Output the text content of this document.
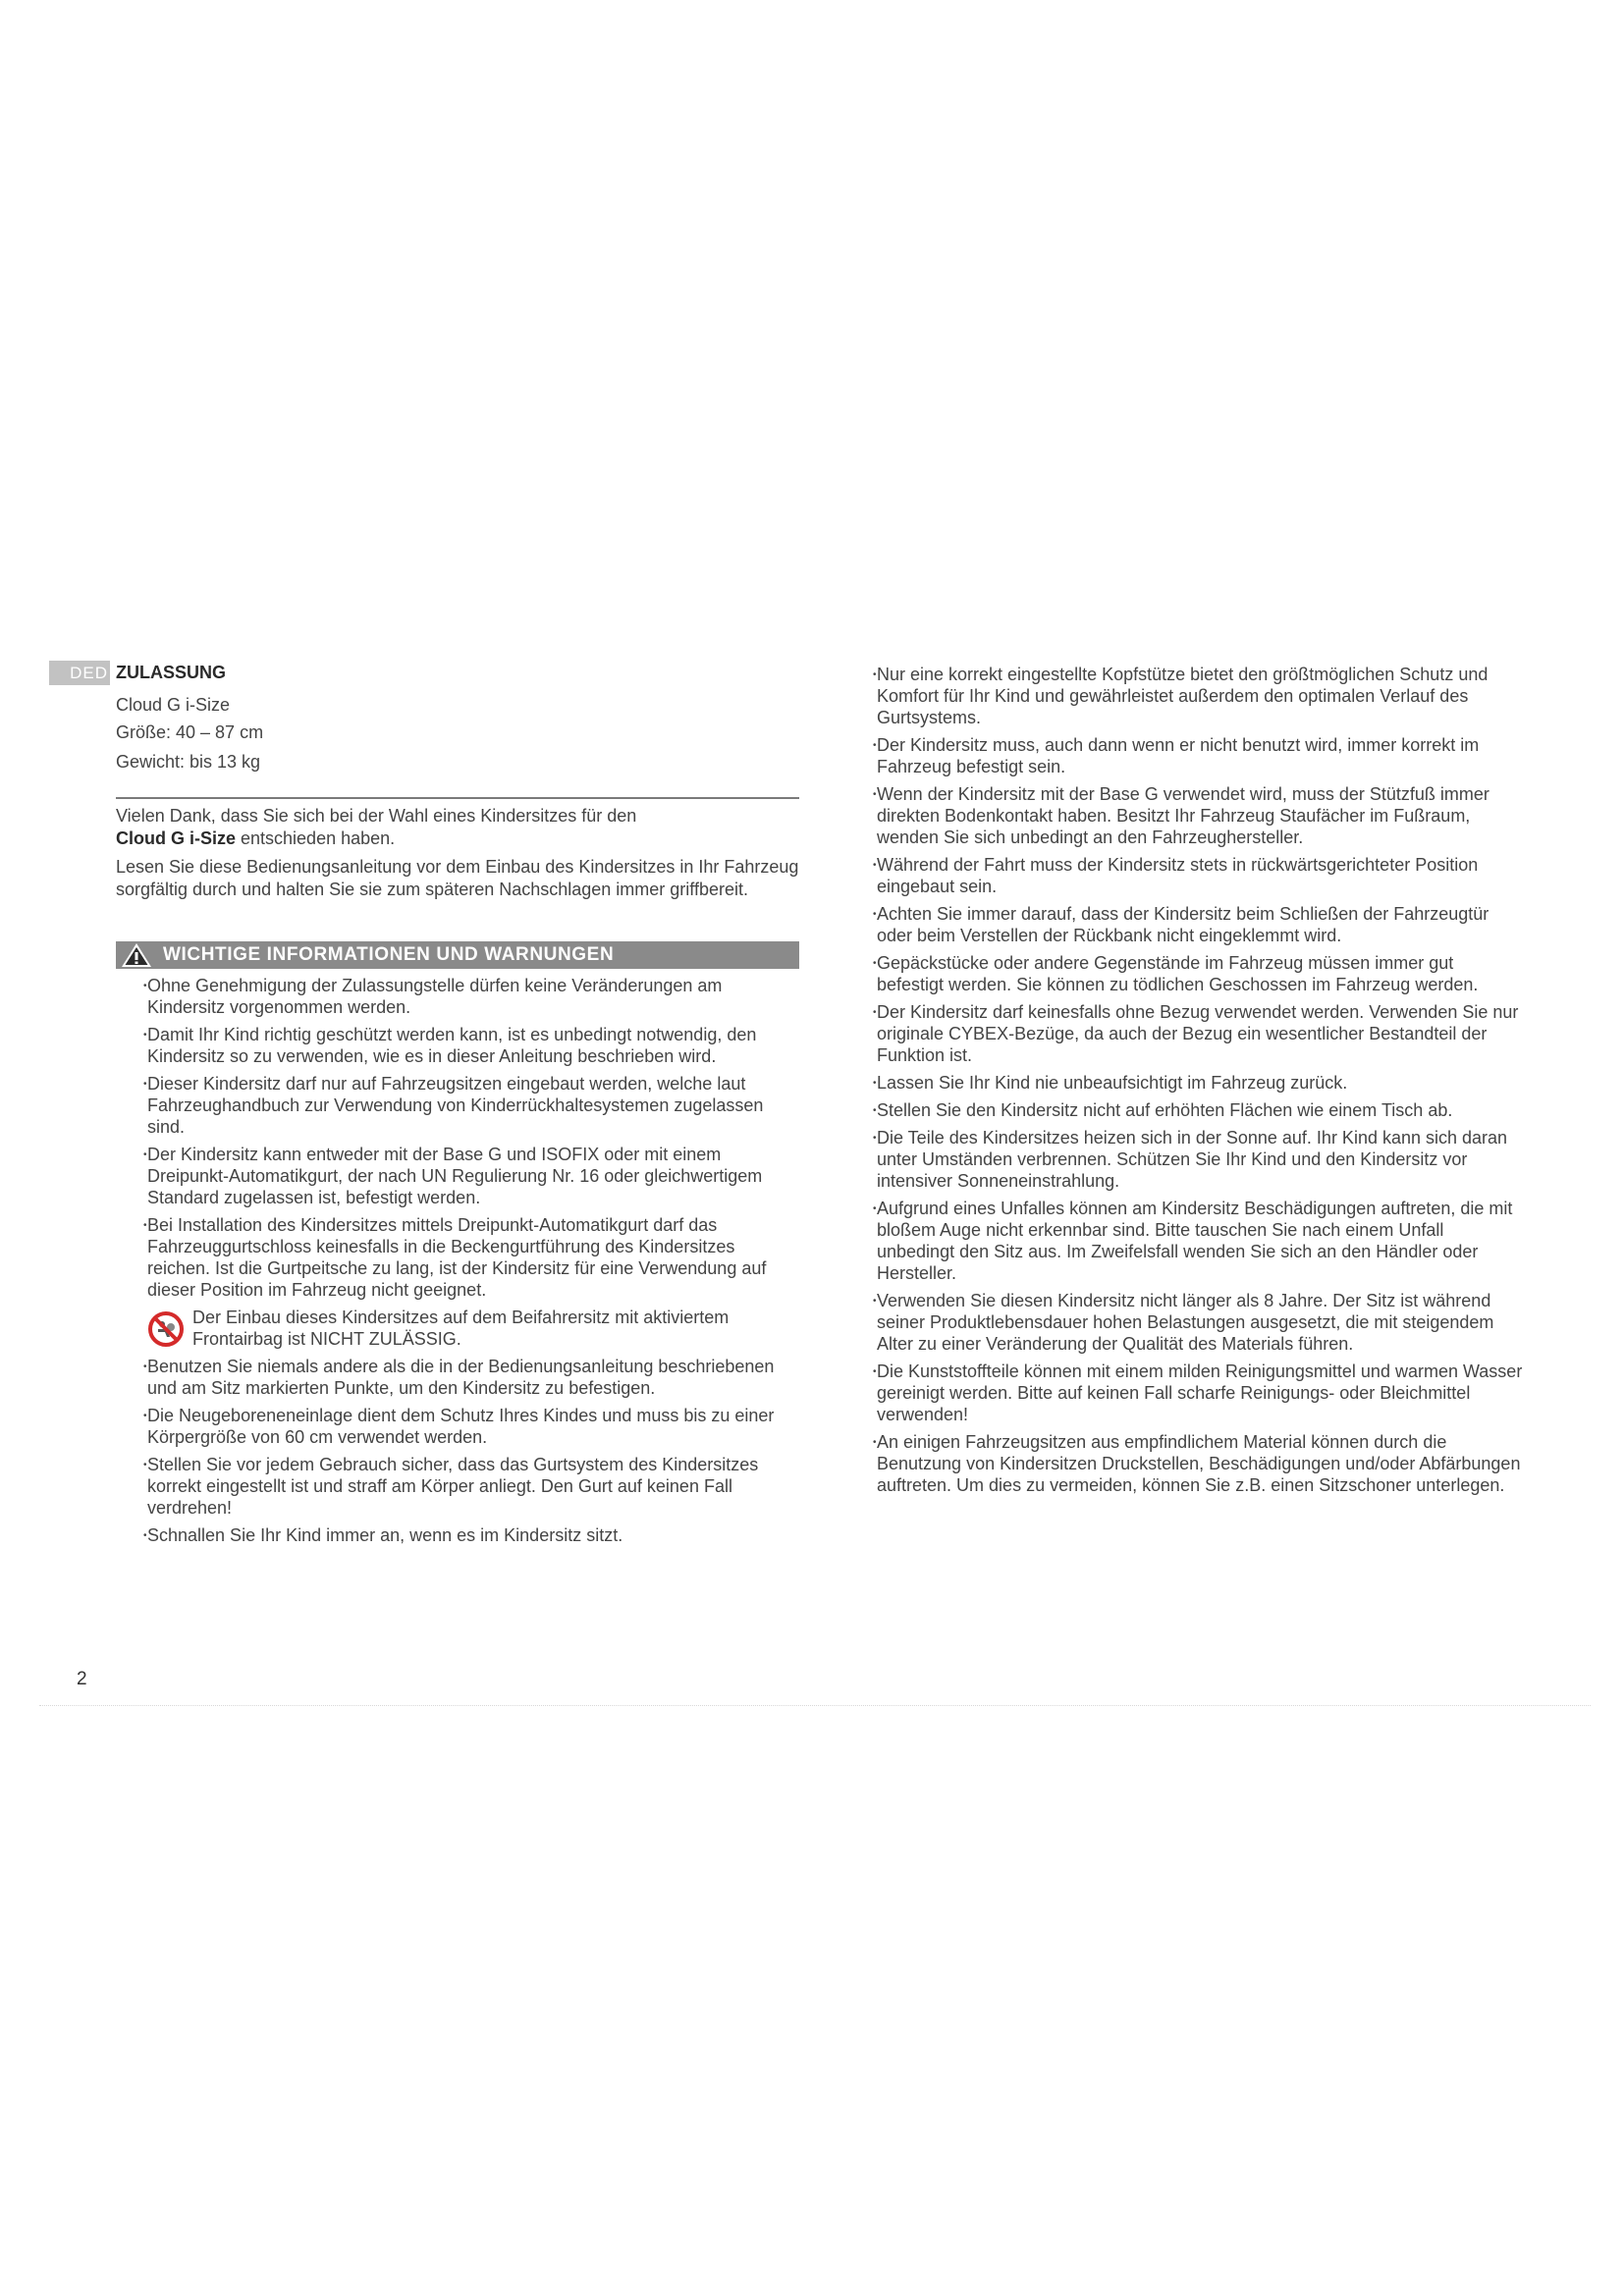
DED ZULASSUNG
Cloud G i-Size
Größe: 40 – 87 cm
Gewicht: bis 13 kg

Vielen Dank, dass Sie sich bei der Wahl eines Kindersitzes für den
Cloud G i-Size entschieden haben.

Lesen Sie diese Bedienungsanleitung vor dem Einbau des Kindersitzes in Ihr Fahrzeug sorgfältig durch und halten Sie sie zum späteren Nachschlagen immer griffbereit.

WICHTIGE INFORMATIONEN UND WARNUNGEN
• Ohne Genehmigung der Zulassungstelle dürfen keine Veränderungen am Kindersitz vorgenommen werden.
• Damit Ihr Kind richtig geschützt werden kann, ist es unbedingt notwendig, den Kindersitz so zu verwenden, wie es in dieser Anleitung beschrieben wird.
• Dieser Kindersitz darf nur auf Fahrzeugsitzen eingebaut werden, welche laut Fahrzeughandbuch zur Verwendung von Kinderrückhaltesystemen zugelassen sind.
• Der Kindersitz kann entweder mit der Base G und ISOFIX oder mit einem Dreipunkt-Automatikgurt, der nach UN Regulierung Nr. 16 oder gleichwertigem Standard zugelassen ist, befestigt werden.
• Bei Installation des Kindersitzes mittels Dreipunkt-Automatikgurt darf das Fahrzeuggurtschloss keinesfalls in die Beckengurtführung des Kindersitzes reichen. Ist die Gurtpeitsche zu lang, ist der Kindersitz für eine Verwendung auf dieser Position im Fahrzeug nicht geeignet.
Der Einbau dieses Kindersitzes auf dem Beifahrersitz mit aktiviertem Frontairbag ist NICHT ZULÄSSIG.
• Benutzen Sie niemals andere als die in der Bedienungsanleitung beschriebenen und am Sitz markierten Punkte, um den Kindersitz zu befestigen.
• Die Neugeboreneneinlage dient dem Schutz Ihres Kindes und muss bis zu einer Körpergröße von 60 cm verwendet werden.
• Stellen Sie vor jedem Gebrauch sicher, dass das Gurtsystem des Kindersitzes korrekt eingestellt ist und straff am Körper anliegt. Den Gurt auf keinen Fall verdrehen!
• Schnallen Sie Ihr Kind immer an, wenn es im Kindersitz sitzt.
• Nur eine korrekt eingestellte Kopfstütze bietet den größtmöglichen Schutz und Komfort für Ihr Kind und gewährleistet außerdem den optimalen Verlauf des Gurtsystems.
• Der Kindersitz muss, auch dann wenn er nicht benutzt wird, immer korrekt im Fahrzeug befestigt sein.
• Wenn der Kindersitz mit der Base G verwendet wird, muss der Stützfuß immer direkten Bodenkontakt haben. Besitzt Ihr Fahrzeug Staufächer im Fußraum, wenden Sie sich unbedingt an den Fahrzeughersteller.
• Während der Fahrt muss der Kindersitz stets in rückwärtsgerichteter Position eingebaut sein.
• Achten Sie immer darauf, dass der Kindersitz beim Schließen der Fahrzeugtür oder beim Verstellen der Rückbank nicht eingeklemmt wird.
• Gepäckstücke oder andere Gegenstände im Fahrzeug müssen immer gut befestigt werden. Sie können zu tödlichen Geschossen im Fahrzeug werden.
• Der Kindersitz darf keinesfalls ohne Bezug verwendet werden. Verwenden Sie nur originale CYBEX-Bezüge, da auch der Bezug ein wesentlicher Bestandteil der Funktion ist.
• Lassen Sie Ihr Kind nie unbeaufsichtigt im Fahrzeug zurück.
• Stellen Sie den Kindersitz nicht auf erhöhten Flächen wie einem Tisch ab.
• Die Teile des Kindersitzes heizen sich in der Sonne auf. Ihr Kind kann sich daran unter Umständen verbrennen. Schützen Sie Ihr Kind und den Kindersitz vor intensiver Sonneneinstrahlung.
• Aufgrund eines Unfalles können am Kindersitz Beschädigungen auftreten, die mit bloßem Auge nicht erkennbar sind. Bitte tauschen Sie nach einem Unfall unbedingt den Sitz aus. Im Zweifelsfall wenden Sie sich an den Händler oder Hersteller.
• Verwenden Sie diesen Kindersitz nicht länger als 8 Jahre. Der Sitz ist während seiner Produktlebensdauer hohen Belastungen ausgesetzt, die mit steigendem Alter zu einer Veränderung der Qualität des Materials führen.
• Die Kunststoffteile können mit einem milden Reinigungsmittel und warmen Wasser gereinigt werden. Bitte auf keinen Fall scharfe Reinigungs- oder Bleichmittel verwenden!
• An einigen Fahrzeugsitzen aus empfindlichem Material können durch die Benutzung von Kindersitzen Druckstellen, Beschädigungen und/oder Abfärbungen auftreten. Um dies zu vermeiden, können Sie z.B. einen Sitzschoner unterlegen.
2
